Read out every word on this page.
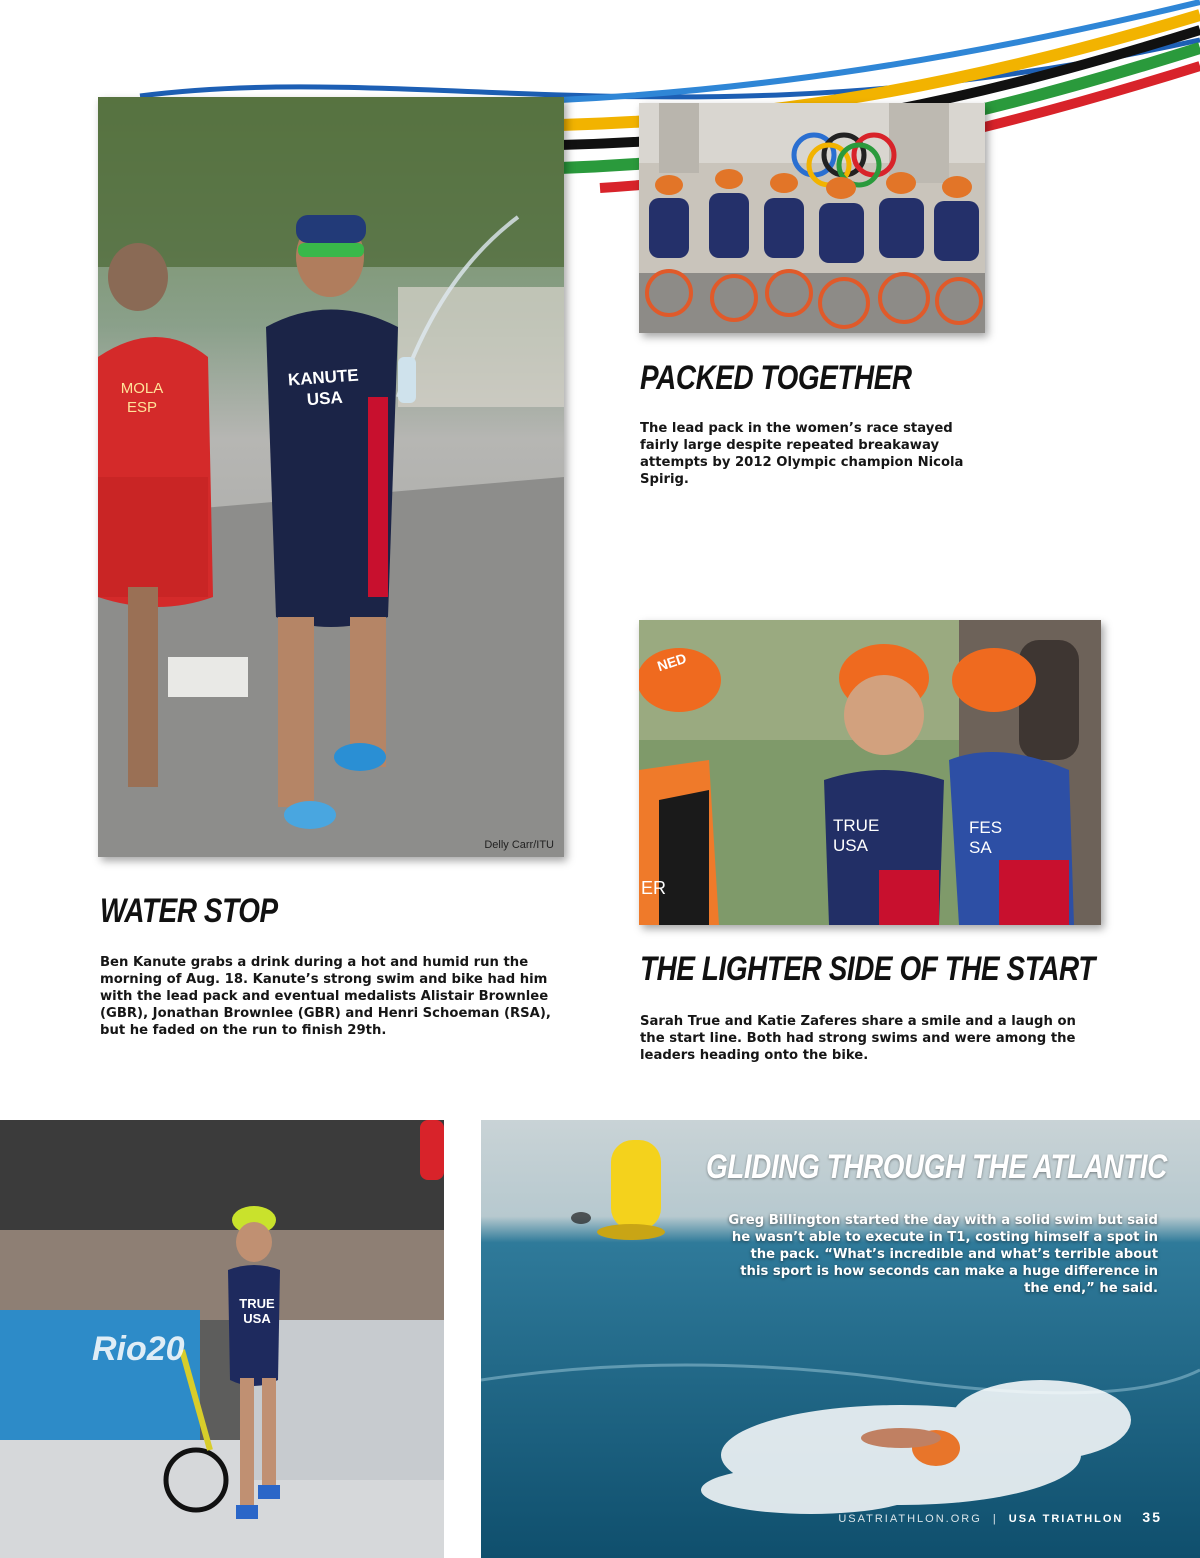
KANUTE
USA
MOLA
ESP
Delly Carr/ITU
PACKED TOGETHER

The lead pack in the women’s race stayed fairly large despite repeated breakaway attempts by 2012 Olympic champion Nicola Spirig.

NED
TRUE
USA
FES
SA
ER
WATER STOP

Ben Kanute grabs a drink during a hot and humid run the morning of Aug. 18. Kanute’s strong swim and bike had him with the lead pack and eventual medalists Alistair Brownlee (GBR), Jonathan Brownlee (GBR) and Henri Schoeman (RSA), but he faded on the run to finish 29th.

THE LIGHTER SIDE OF THE START

Sarah True and Katie Zaferes share a smile and a laugh on the start line. Both had strong swims and were among the leaders heading onto the bike.

TRUE
USA
Rio20
GLIDING THROUGH THE ATLANTIC

Greg Billington started the day with a solid swim but said he wasn’t able to execute in T1, costing himself a spot in the pack. “What’s incredible and what’s terrible about this sport is how seconds can make a huge difference in the end,” he said.

USATRIATHLON.ORG | USA TRIATHLON 35
